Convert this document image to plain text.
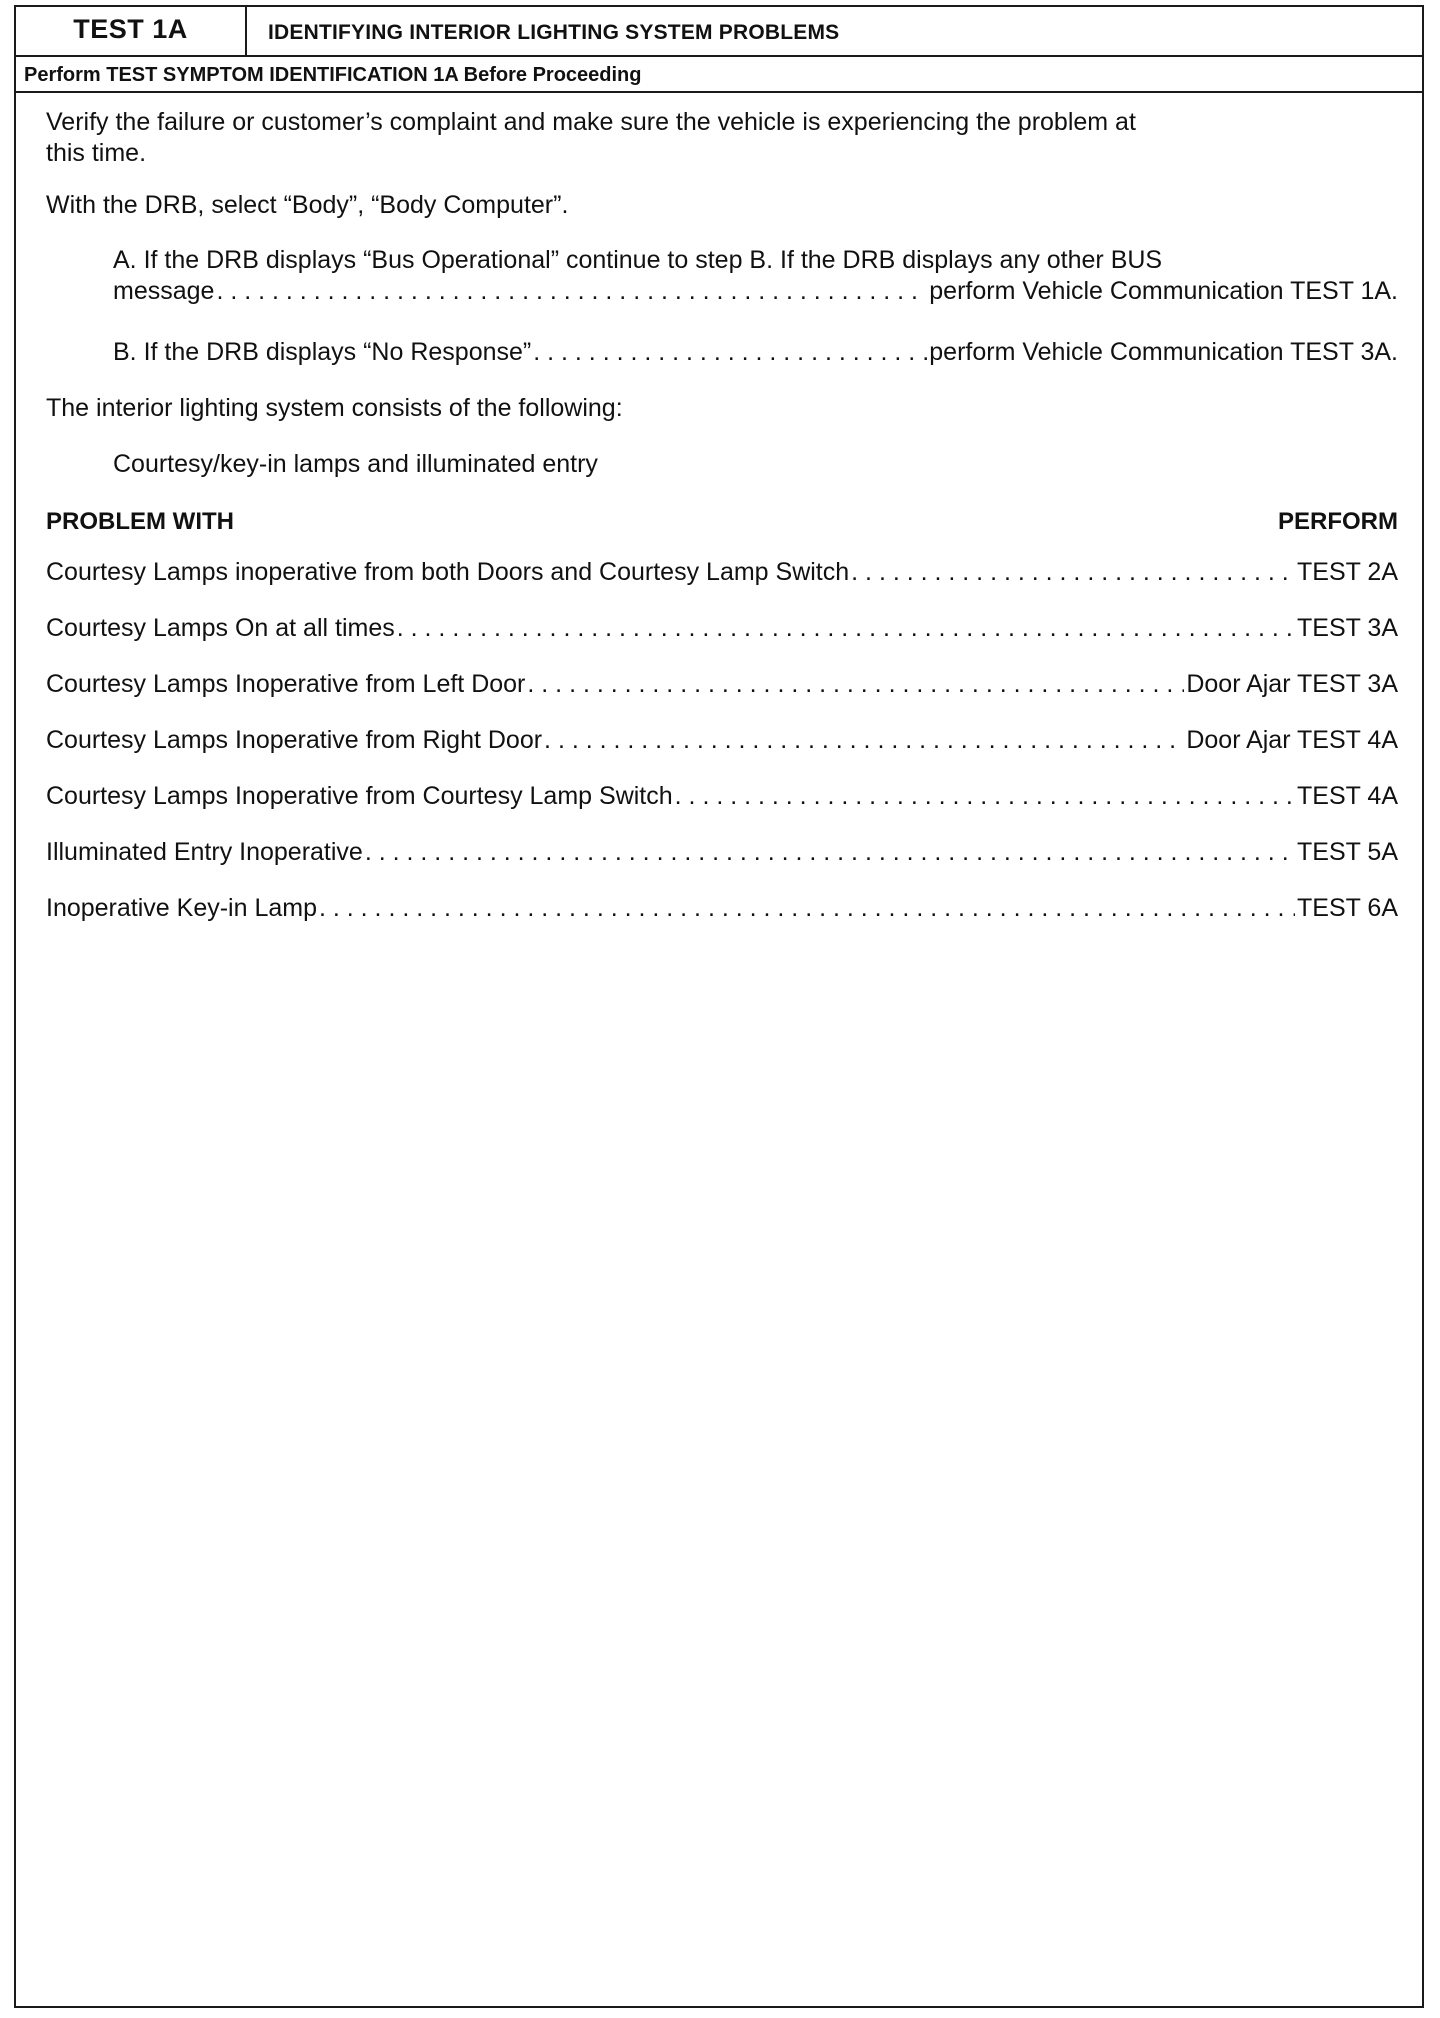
TEST 1A	IDENTIFYING INTERIOR LIGHTING SYSTEM PROBLEMS
Perform TEST SYMPTOM IDENTIFICATION 1A Before Proceeding

Verify the failure or customer’s complaint and make sure the vehicle is experiencing the problem at

this time.

With the DRB, select “Body”, “Body Computer”.

A. If the DRB displays “Bus Operational” continue to step B. If the DRB displays any other BUS

message . . .	perform Vehicle Communication TEST 1A.
B. If the DRB displays “No Response” . . .	perform Vehicle Communication TEST 3A.

The interior lighting system consists of the following:

Courtesy/key-in lamps and illuminated entry

PROBLEM WITH	PERFORM
Courtesy Lamps inoperative from both Doors and Courtesy Lamp Switch . . .	TEST 2A
Courtesy Lamps On at all times . . .	TEST 3A
Courtesy Lamps Inoperative from Left Door . . .	Door Ajar TEST 3A
Courtesy Lamps Inoperative from Right Door . . .	Door Ajar TEST 4A
Courtesy Lamps Inoperative from Courtesy Lamp Switch . . .	TEST 4A
Illuminated Entry Inoperative . . .	TEST 5A
Inoperative Key-in Lamp . . .	TEST 6A
